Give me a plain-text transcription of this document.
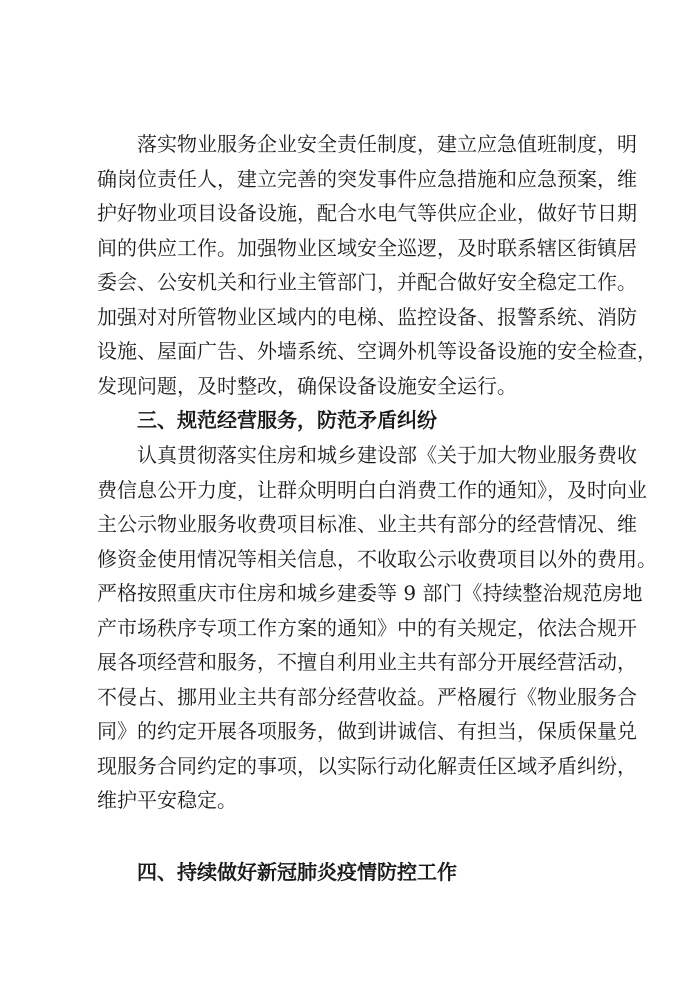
落实物业服务企业安全责任制度，建立应急值班制度，明
确岗位责任人，建立完善的突发事件应急措施和应急预案，维
护好物业项目设备设施，配合水电气等供应企业，做好节日期
间的供应工作。加强物业区域安全巡逻，及时联系辖区街镇居
委会、公安机关和行业主管部门，并配合做好安全稳定工作。
加强对对所管物业区域内的电梯、监控设备、报警系统、消防
设施、屋面广告、外墙系统、空调外机等设备设施的安全检查，
发现问题，及时整改，确保设备设施安全运行。
三、规范经营服务，防范矛盾纠纷
认真贯彻落实住房和城乡建设部《关于加大物业服务费收
费信息公开力度，让群众明明白白消费工作的通知》，及时向业
主公示物业服务收费项目标准、业主共有部分的经营情况、维
修资金使用情况等相关信息，不收取公示收费项目以外的费用。
严格按照重庆市住房和城乡建委等 9 部门《持续整治规范房地
产市场秩序专项工作方案的通知》中的有关规定，依法合规开
展各项经营和服务，不擅自利用业主共有部分开展经营活动，
不侵占、挪用业主共有部分经营收益。严格履行《物业服务合
同》的约定开展各项服务，做到讲诚信、有担当，保质保量兑
现服务合同约定的事项，以实际行动化解责任区域矛盾纠纷，
维护平安稳定。
四、持续做好新冠肺炎疫情防控工作
